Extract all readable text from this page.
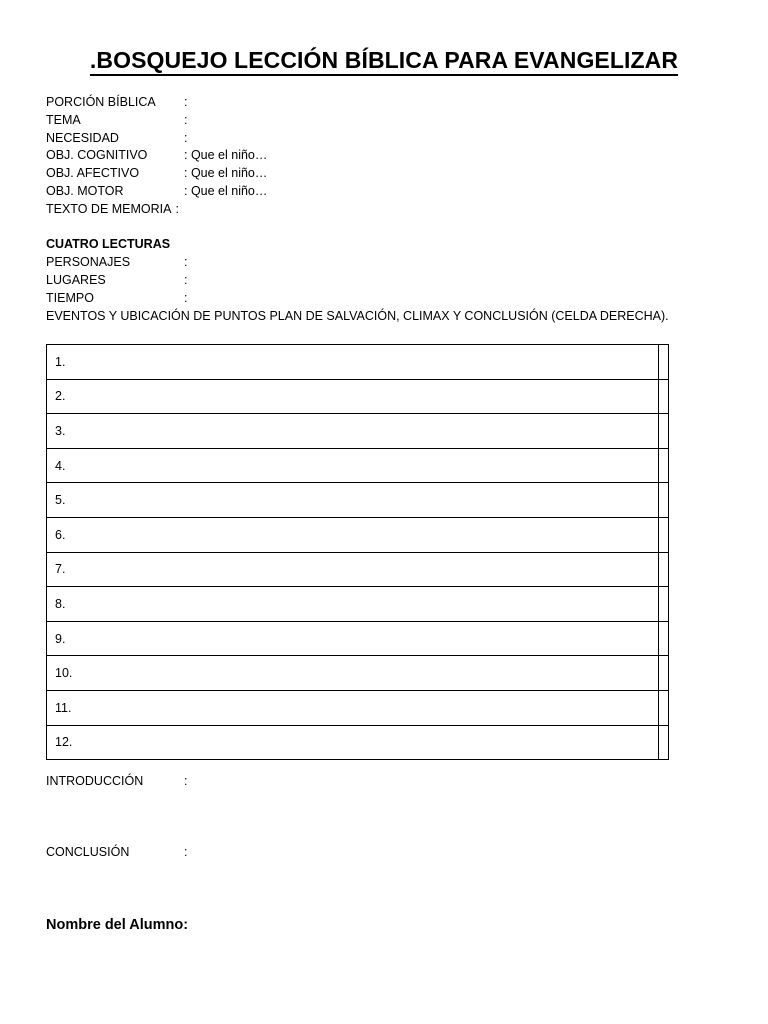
.BOSQUEJO LECCIÓN BÍBLICA PARA EVANGELIZAR
PORCIÓN BÍBLICA :
TEMA	:
NECESIDAD	:
OBJ. COGNITIVO	: Que el niño…
OBJ. AFECTIVO	: Que el niño…
OBJ. MOTOR	: Que el niño…
TEXTO DE MEMORIA :
CUATRO LECTURAS
PERSONAJES	:
LUGARES	:
TIEMPO	:
EVENTOS Y UBICACIÓN DE PUNTOS PLAN DE SALVACIÓN, CLIMAX Y CONCLUSIÓN (CELDA DERECHA).
1.	
2.	
3.	
4.	
5.	
6.	
7.	
8.	
9.	
10.	
11.	
12.	
INTRODUCCIÓN	:
CONCLUSIÓN	:
Nombre del Alumno:
